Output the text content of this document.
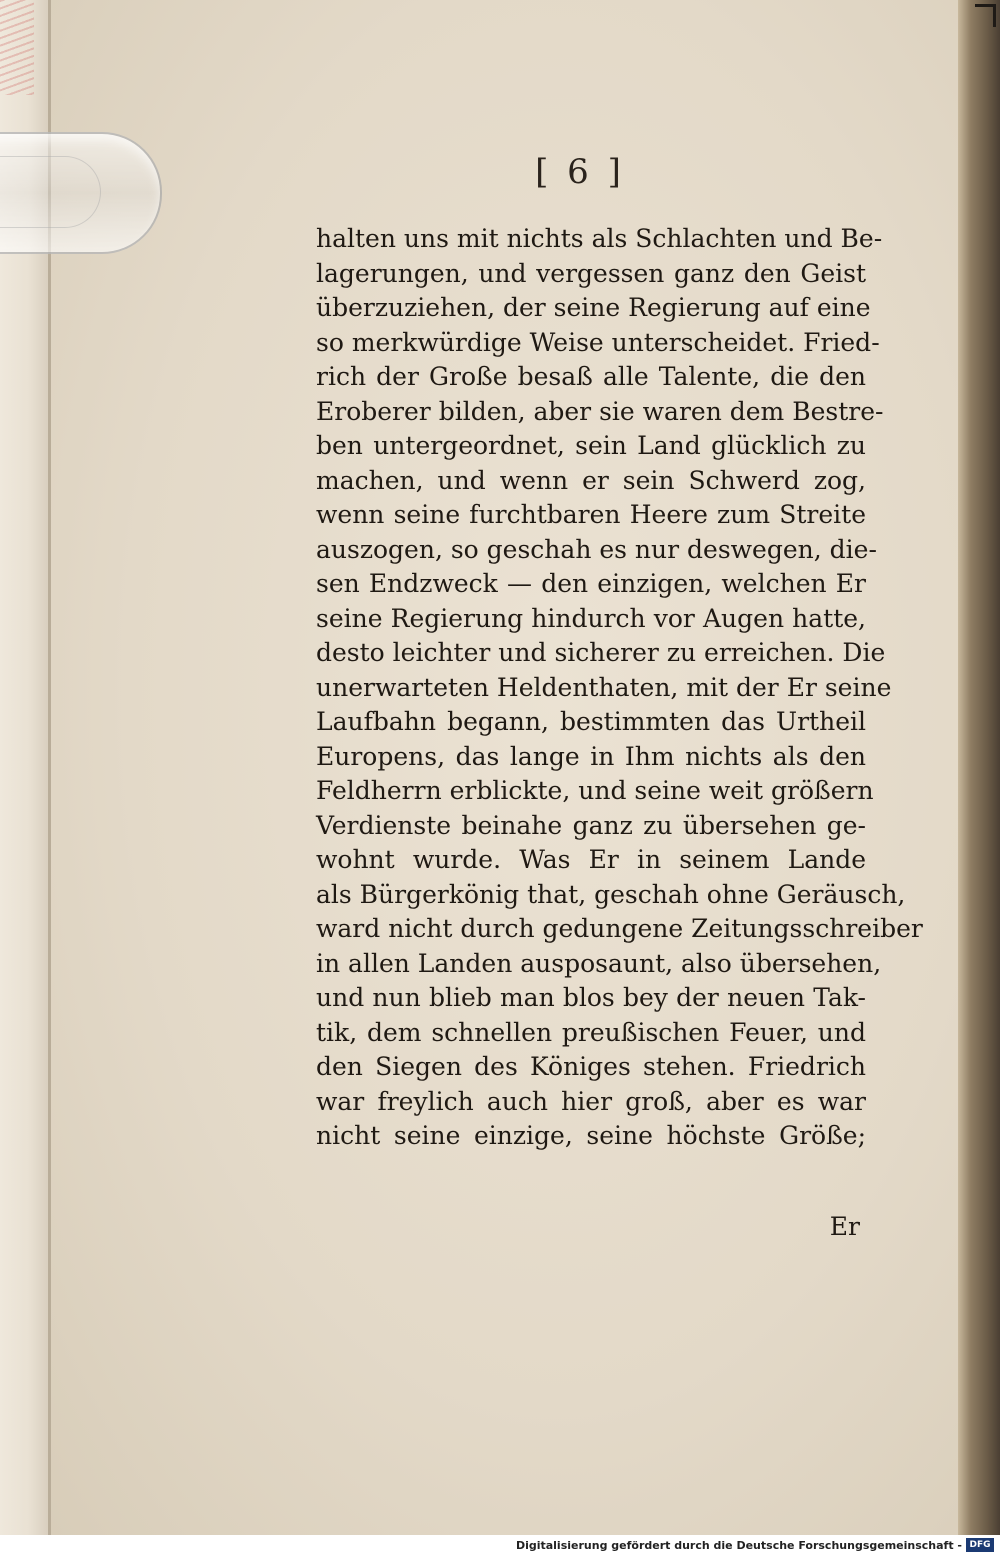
[ 6 ]
halten uns mit nichts als Schlachten und Be-
lagerungen, und vergessen ganz den Geist
überzuziehen, der seine Regierung auf eine
so merkwürdige Weise unterscheidet. Fried-
rich der Große besaß alle Talente, die den
Eroberer bilden, aber sie waren dem Bestre-
ben untergeordnet, sein Land glücklich zu
machen, und wenn er sein Schwerd zog,
wenn seine furchtbaren Heere zum Streite
auszogen, so geschah es nur deswegen, die-
sen Endzweck — den einzigen, welchen Er
seine Regierung hindurch vor Augen hatte,
desto leichter und sicherer zu erreichen. Die
unerwarteten Heldenthaten, mit der Er seine
Laufbahn begann, bestimmten das Urtheil
Europens, das lange in Ihm nichts als den
Feldherrn erblickte, und seine weit größern
Verdienste beinahe ganz zu übersehen ge-
wohnt wurde. Was Er in seinem Lande
als Bürgerkönig that, geschah ohne Geräusch,
ward nicht durch gedungene Zeitungsschreiber
in allen Landen ausposaunt, also übersehen,
und nun blieb man blos bey der neuen Tak-
tik, dem schnellen preußischen Feuer, und
den Siegen des Königes stehen. Friedrich
war freylich auch hier groß, aber es war
nicht seine einzige, seine höchste Größe;
Er
Digitalisierung gefördert durch die Deutsche Forschungsgemeinschaft - DFG
